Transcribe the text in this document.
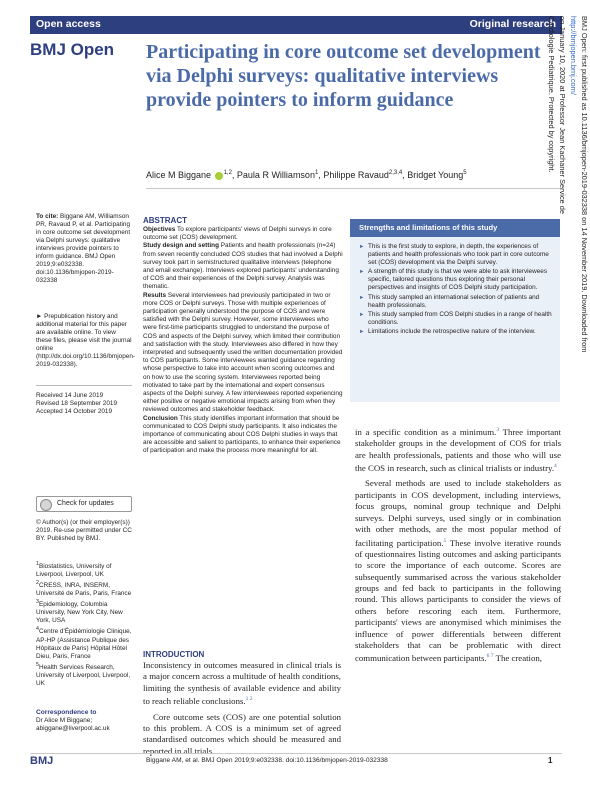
Open access	Original research
BMJ Open Participating in core outcome set development via Delphi surveys: qualitative interviews provide pointers to inform guidance
Alice M Biggane $^{1,2}$, Paula R Williamson$^1$, Philippe Ravaud$^{2,3,4}$, Bridget Young$^5$
To cite: Biggane AM, Williamson PR, Ravaud P, et al. Participating in core outcome set development via Delphi surveys: qualitative interviews provide pointers to inform guidance. BMJ Open 2019;9:e032338. doi:10.1136/bmjopen-2019-032338
► Prepublication history and additional material for this paper are available online. To view these files, please visit the journal online (http://dx.doi.org/10.1136/bmjopen-2019-032338).
Received 14 June 2019
Revised 18 September 2019
Accepted 14 October 2019
Check for updates
© Author(s) (or their employer(s)) 2019. Re-use permitted under CC BY. Published by BMJ.
$^1$Biostatistics, University of Liverpool, Liverpool, UK
$^2$CRESS, INRA, INSERM, Université de Paris, Paris, France
$^3$Epidemiology, Columbia University, New York City, New York, USA
$^4$Centre d'Épidémiologie Clinique, AP-HP (Assistance Publique des Hôpitaux de Paris) Hôpital Hôtel Dieu, Paris, France
$^5$Health Services Research, University of Liverpool, Liverpool, UK
Correspondence to
Dr Alice M Biggane; abiggane@liverpool.ac.uk
ABSTRACT

Objectives To explore participants' views of Delphi surveys in core outcome set (COS) development.

Study design and setting Patients and health professionals (n=24) from seven recently concluded COS studies that had involved a Delphi survey took part in semistructured qualitative interviews (telephone and email exchange). Interviews explored participants' understanding of COS and their experiences of the Delphi survey. Analysis was thematic.

Results Several interviewees had previously participated in two or more COS or Delphi surveys. Those with multiple experiences of participation generally understood the purpose of COS and were satisfied with the Delphi survey. However, some interviewees who were first-time participants struggled to understand the purpose of COS and aspects of the Delphi survey, which limited their contribution and satisfaction with the study. Interviewees also differed in how they interpreted and subsequently used the written documentation provided to COS participants. Some interviewees wanted guidance regarding whose perspective to take into account when scoring outcomes and on how to use the scoring system. Interviewees reported being motivated to take part by the international and expert consensus aspects of the Delphi survey. A few interviewees reported experiencing either positive or negative emotional impacts arising from when they reviewed outcomes and stakeholder feedback.

Conclusion This study identifies important information that should be communicated to COS Delphi study participants. It also indicates the importance of communicating about COS Delphi studies in ways that are accessible and salient to participants, to enhance their experience of participation and make the process more meaningful for all.

► This is the first study to explore, in depth, the experiences of patients and health professionals who took part in core outcome set (COS) development via the Delphi survey.
► A strength of this study is that we were able to ask interviewees specific, tailored questions thus exploring their personal perspectives and insights of COS Delphi study participation.
► This study sampled an international selection of patients and health professionals.
► This study sampled from COS Delphi studies in a range of health conditions.
► Limitations include the retrospective nature of the interview.
Strengths and limitations of this study
INTRODUCTION

Inconsistency in outcomes measured in clinical trials is a major concern across a multitude of health conditions, limiting the synthesis of available evidence and ability to reach reliable conclusions.$^{1 2}$

Core outcome sets (COS) are one potential solution to this problem. A COS is a minimum set of agreed standardised outcomes which should be measured and reported in all trials

in a specific condition as a minimum.$^3$ Three important stakeholder groups in the development of COS for trials are health professionals, patients and those who will use the COS in research, such as clinical trialists or industry.$^4$

Several methods are used to include stakeholders as participants in COS development, including interviews, focus groups, nominal group technique and Delphi surveys. Delphi surveys, used singly or in combination with other methods, are the most popular method of facilitating participation.$^5$ These involve iterative rounds of questionnaires listing outcomes and asking participants to score the importance of each outcome. Scores are subsequently summarised across the various stakeholder groups and fed back to participants in the following round. This allows participants to consider the views of others before rescoring each item. Furthermore, participants' views are anonymised which minimises the influence of power differentials between different stakeholders that can be problematic with direct communication between participants.$^{6 7}$ The creation,

BMJ	Biggane AM, et al. BMJ Open 2019;9:e032338. doi:10.1136/bmjopen-2019-032338	1
BMJ Open: first published as 10.1136/bmjopen-2019-032338 on 14 November 2019. Downloaded from
http://bmjopen.bmj.com/
on January 10, 2020 at Professor Jean Kachaner Service de
Cardiologie Pediatrique. Protected by copyright.
